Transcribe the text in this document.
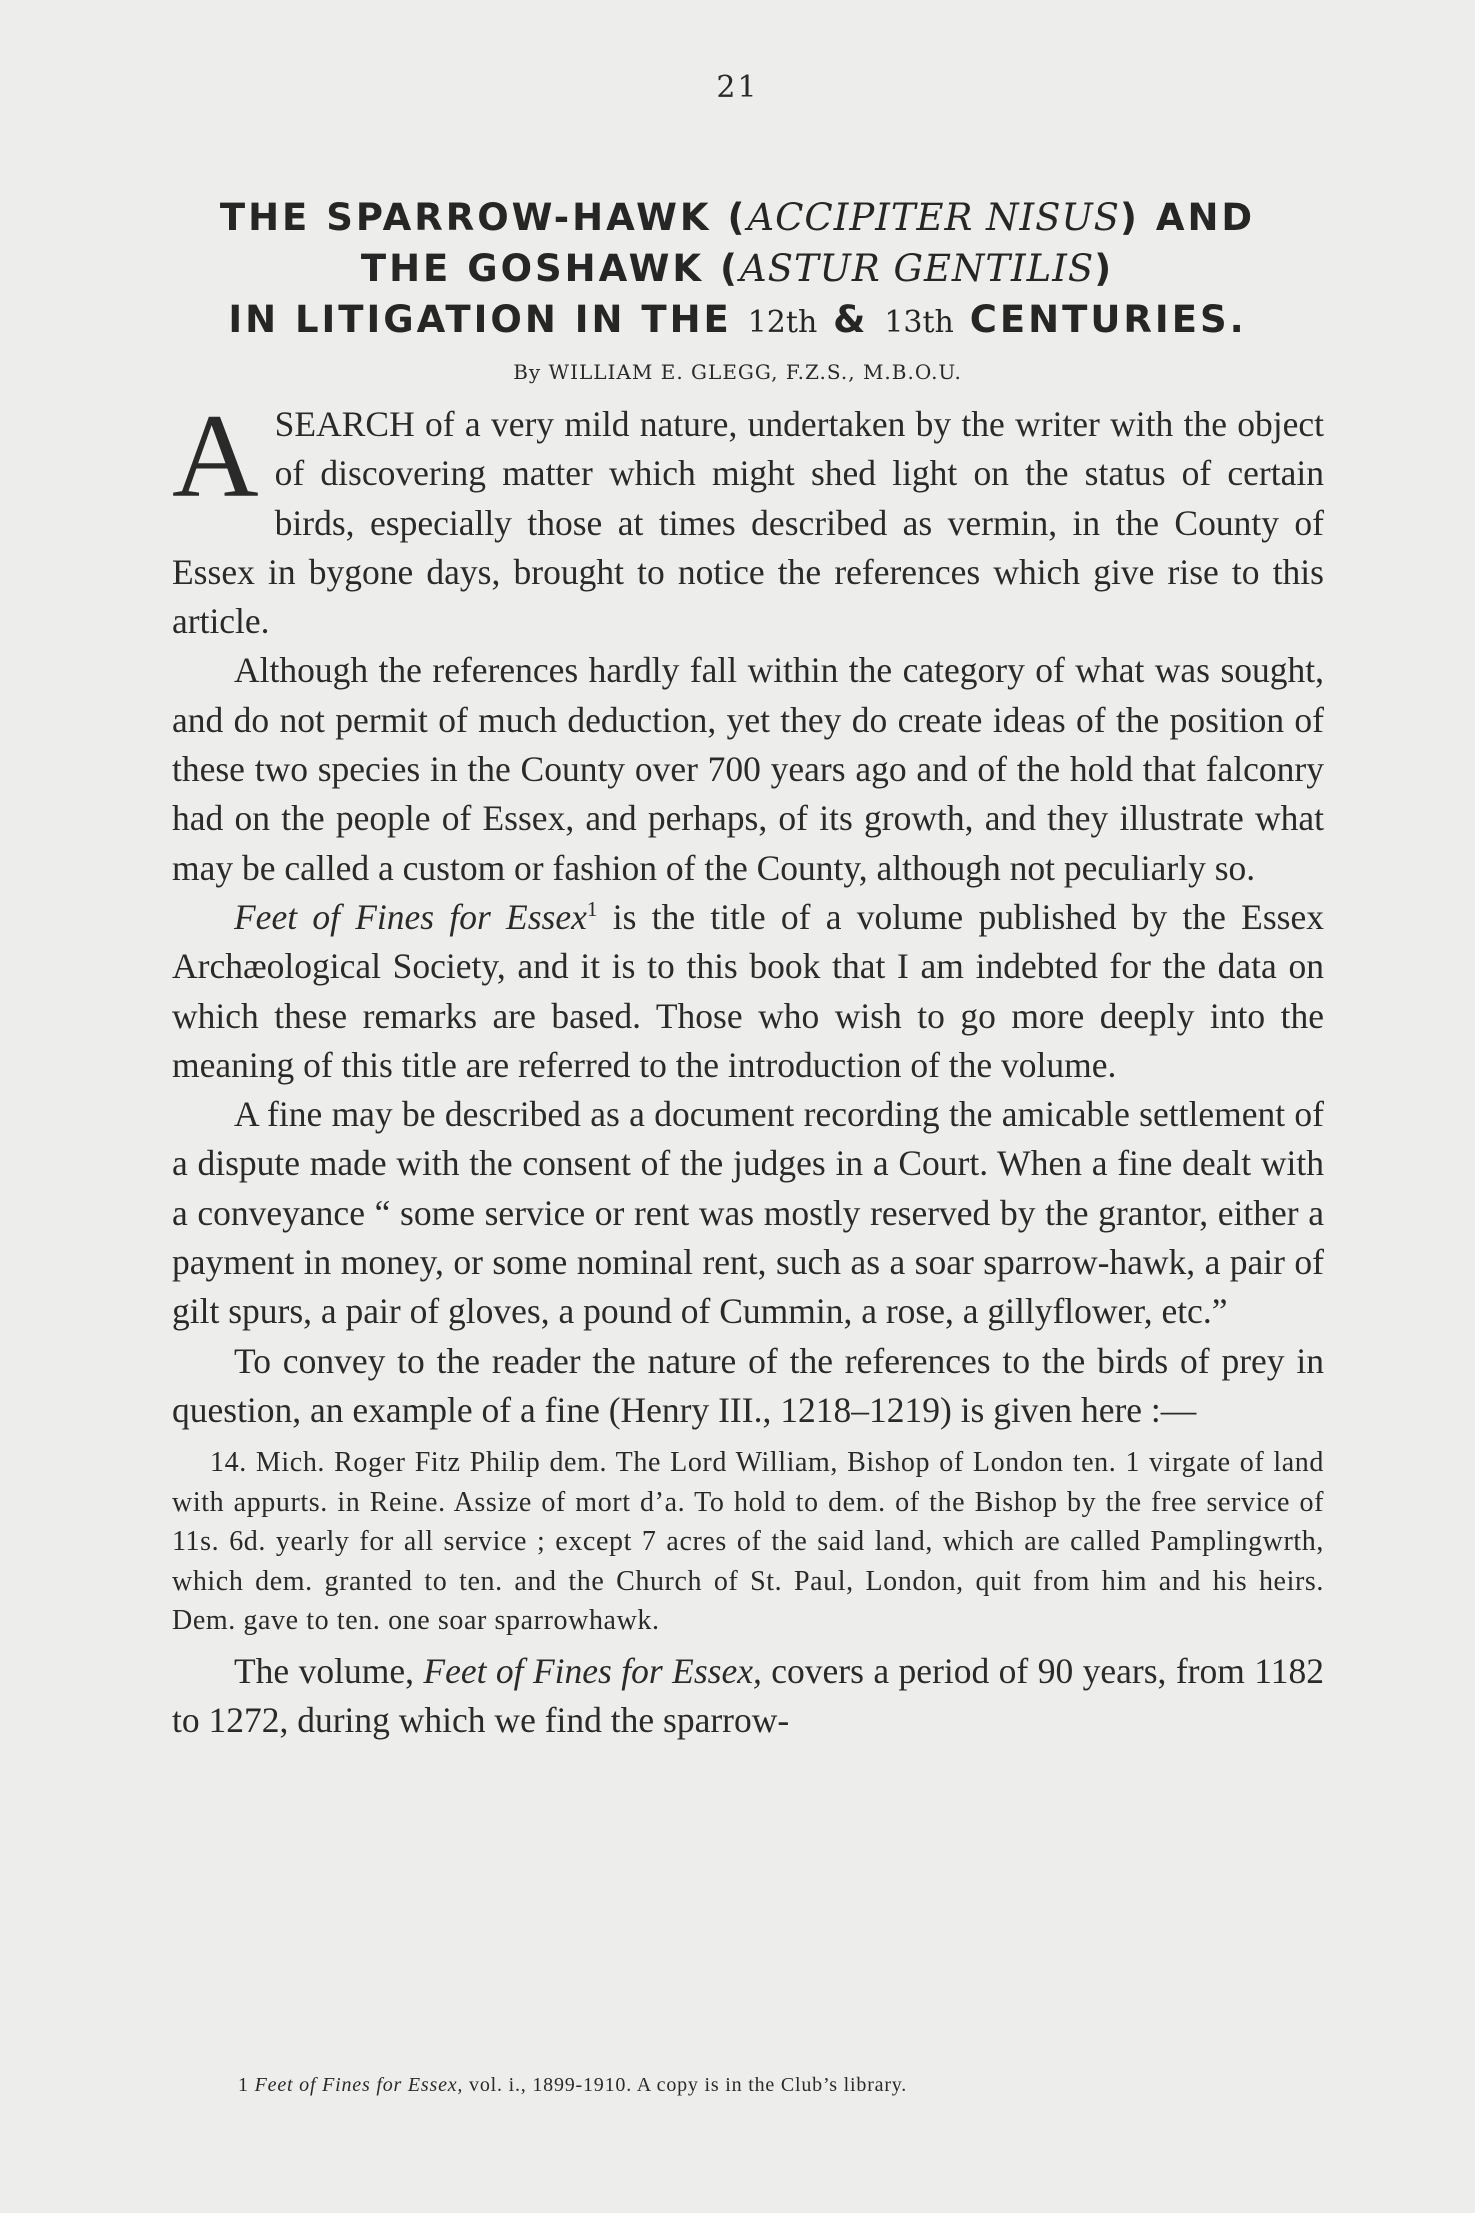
21
THE SPARROW-HAWK (ACCIPITER NISUS) AND
THE GOSHAWK (ASTUR GENTILIS)
IN LITIGATION IN THE 12th & 13th CENTURIES.
By WILLIAM E. GLEGG, F.Z.S., M.B.O.U.

ASEARCH of a very mild nature, undertaken by the writer with the object of discovering matter which might shed light on the status of certain birds, especially those at times described as vermin, in the County of Essex in bygone days, brought to notice the references which give rise to this article.

Although the references hardly fall within the category of what was sought, and do not permit of much deduction, yet they do create ideas of the position of these two species in the County over 700 years ago and of the hold that falconry had on the people of Essex, and perhaps, of its growth, and they illustrate what may be called a custom or fashion of the County, although not peculiarly so.

Feet of Fines for Essex$^1$ is the title of a volume published by the Essex Archæological Society, and it is to this book that I am indebted for the data on which these remarks are based. Those who wish to go more deeply into the meaning of this title are referred to the introduction of the volume.

A fine may be described as a document recording the amicable settlement of a dispute made with the consent of the judges in a Court. When a fine dealt with a conveyance “ some service or rent was mostly reserved by the grantor, either a payment in money, or some nominal rent, such as a soar sparrow-hawk, a pair of gilt spurs, a pair of gloves, a pound of Cummin, a rose, a gillyflower, etc.”

To convey to the reader the nature of the references to the birds of prey in question, an example of a fine (Henry III., 1218–1219) is given here :—

14. Mich. Roger Fitz Philip dem. The Lord William, Bishop of London ten. 1 virgate of land with appurts. in Reine. Assize of mort d’a. To hold to dem. of the Bishop by the free service of 11s. 6d. yearly for all service ; except 7 acres of the said land, which are called Pamplingwrth, which dem. granted to ten. and the Church of St. Paul, London, quit from him and his heirs. Dem. gave to ten. one soar sparrowhawk.

The volume, Feet of Fines for Essex, covers a period of 90 years, from 1182 to 1272, during which we find the sparrow-

1 Feet of Fines for Essex, vol. i., 1899-1910. A copy is in the Club’s library.
